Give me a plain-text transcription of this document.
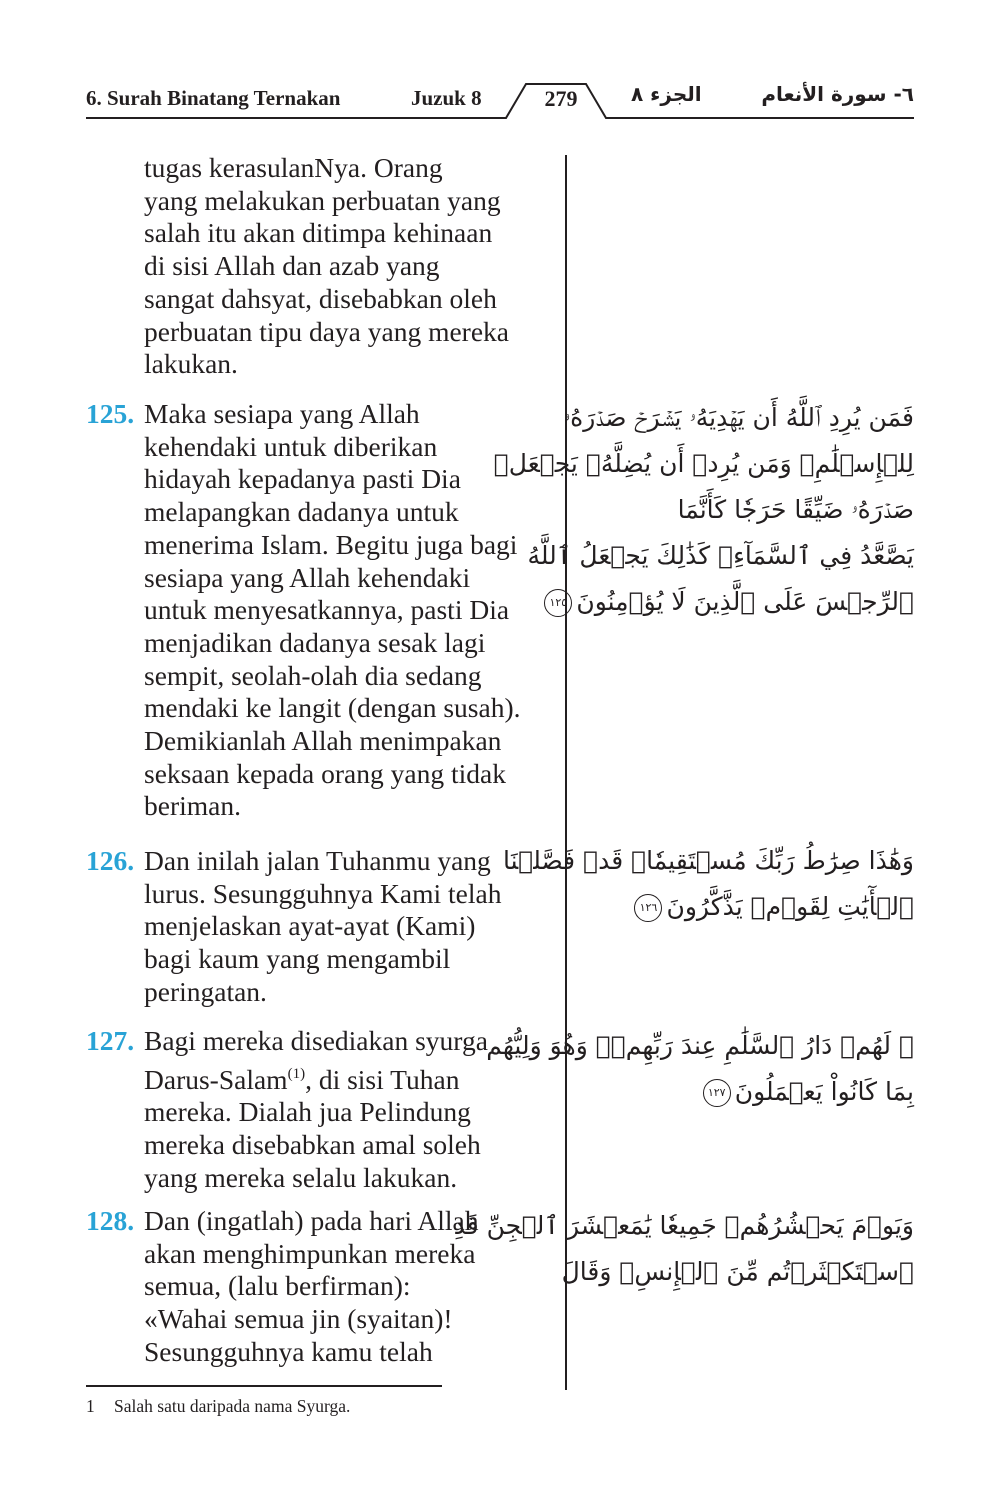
6. Surah Binatang Ternakan	Juzuk 8	279	الجزء ٨	٦- سورة الأنعام
tugas kerasulanNya. Orang
yang melakukan perbuatan yang
salah itu akan ditimpa kehinaan
di sisi Allah dan azab yang
sangat dahsyat, disebabkan oleh
perbuatan tipu daya yang mereka
lakukan.
125. Maka sesiapa yang Allah
kehendaki untuk diberikan
hidayah kepadanya pasti Dia
melapangkan dadanya untuk
menerima Islam. Begitu juga bagi
sesiapa yang Allah kehendaki
untuk menyesatkannya, pasti Dia
menjadikan dadanya sesak lagi
sempit, seolah-olah dia sedang
mendaki ke langit (dengan susah).
Demikianlah Allah menimpakan
seksaan kepada orang yang tidak
beriman.
فَمَن يُرِدِ ٱللَّهُ أَن يَهۡدِيَهُۥ يَشۡرَحۡ صَدۡرَهُۥ
لِلۡإِسۡلَٰمِۖ وَمَن يُرِدۡ أَن يُضِلَّهُۥ يَجۡعَلۡ
صَدۡرَهُۥ ضَيِّقًا حَرَجٗا كَأَنَّمَا
يَصَّعَّدُ فِي ٱلسَّمَآءِۚ كَذَٰلِكَ يَجۡعَلُ ٱللَّهُ
ٱلرِّجۡسَ عَلَى ٱلَّذِينَ لَا يُؤۡمِنُونَ١٢٥
126. Dan inilah jalan Tuhanmu yang
lurus. Sesungguhnya Kami telah
menjelaskan ayat-ayat (Kami)
bagi kaum yang mengambil
peringatan.
وَهَٰذَا صِرَٰطُ رَبِّكَ مُسۡتَقِيمٗاۗ قَدۡ فَصَّلۡنَا
ٱلۡأٓيَٰتِ لِقَوۡمٖ يَذَّكَّرُونَ١٢٦
127. Bagi mereka disediakan syurga
Darus-Salam$^{(1)}$, di sisi Tuhan
mereka. Dialah jua Pelindung
mereka disebabkan amal soleh
yang mereka selalu lakukan.
۞ لَهُمۡ دَارُ ٱلسَّلَٰمِ عِندَ رَبِّهِمۡۖ وَهُوَ وَلِيُّهُم
بِمَا كَانُواْ يَعۡمَلُونَ١٢٧
128. Dan (ingatlah) pada hari Allah
akan menghimpunkan mereka
semua, (lalu berfirman):
«Wahai semua jin (syaitan)!
Sesungguhnya kamu telah
وَيَوۡمَ يَحۡشُرُهُمۡ جَمِيعٗا يَٰمَعۡشَرَ ٱلۡجِنِّ قَدِ
ٱسۡتَكۡثَرۡتُم مِّنَ ٱلۡإِنسِۖ وَقَالَ
1 Salah satu daripada nama Syurga.
